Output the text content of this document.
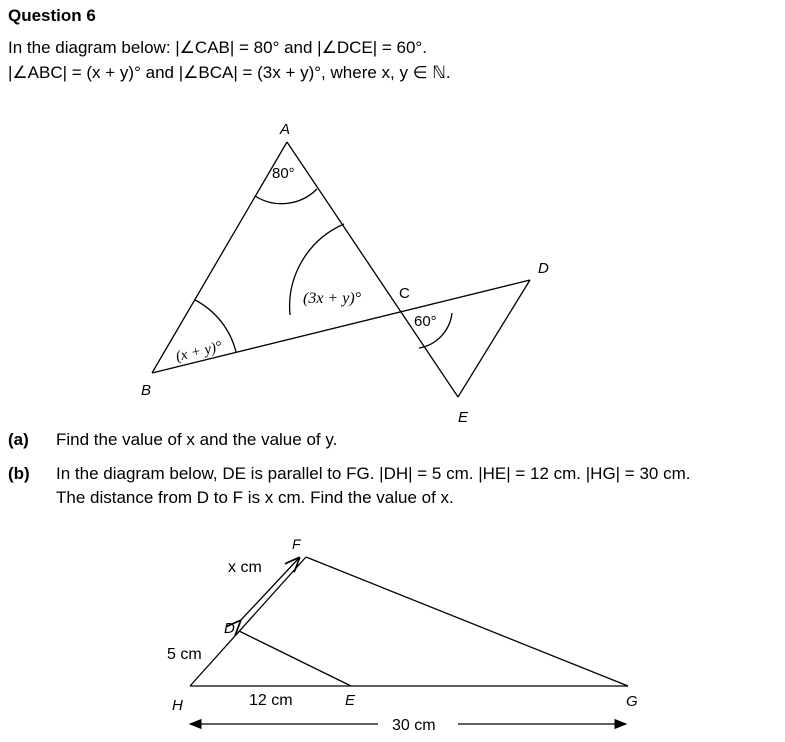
Question 6
In the diagram below: |∠CAB| = 80° and |∠DCE| = 60°.
|∠ABC| = (x + y)° and |∠BCA| = (3x + y)°, where x, y ∈ ℕ.
(a) Find the value of x and the value of y.
(b) In the diagram below, DE is parallel to FG. |DH| = 5 cm. |HE| = 12 cm. |HG| = 30 cm.
The distance from D to F is x cm. Find the value of x.
A
B
C
D
E
80°
(x + y)°
(3x + y)°
60°
F
D
H	E	G
x cm
5 cm
12 cm
30 cm
